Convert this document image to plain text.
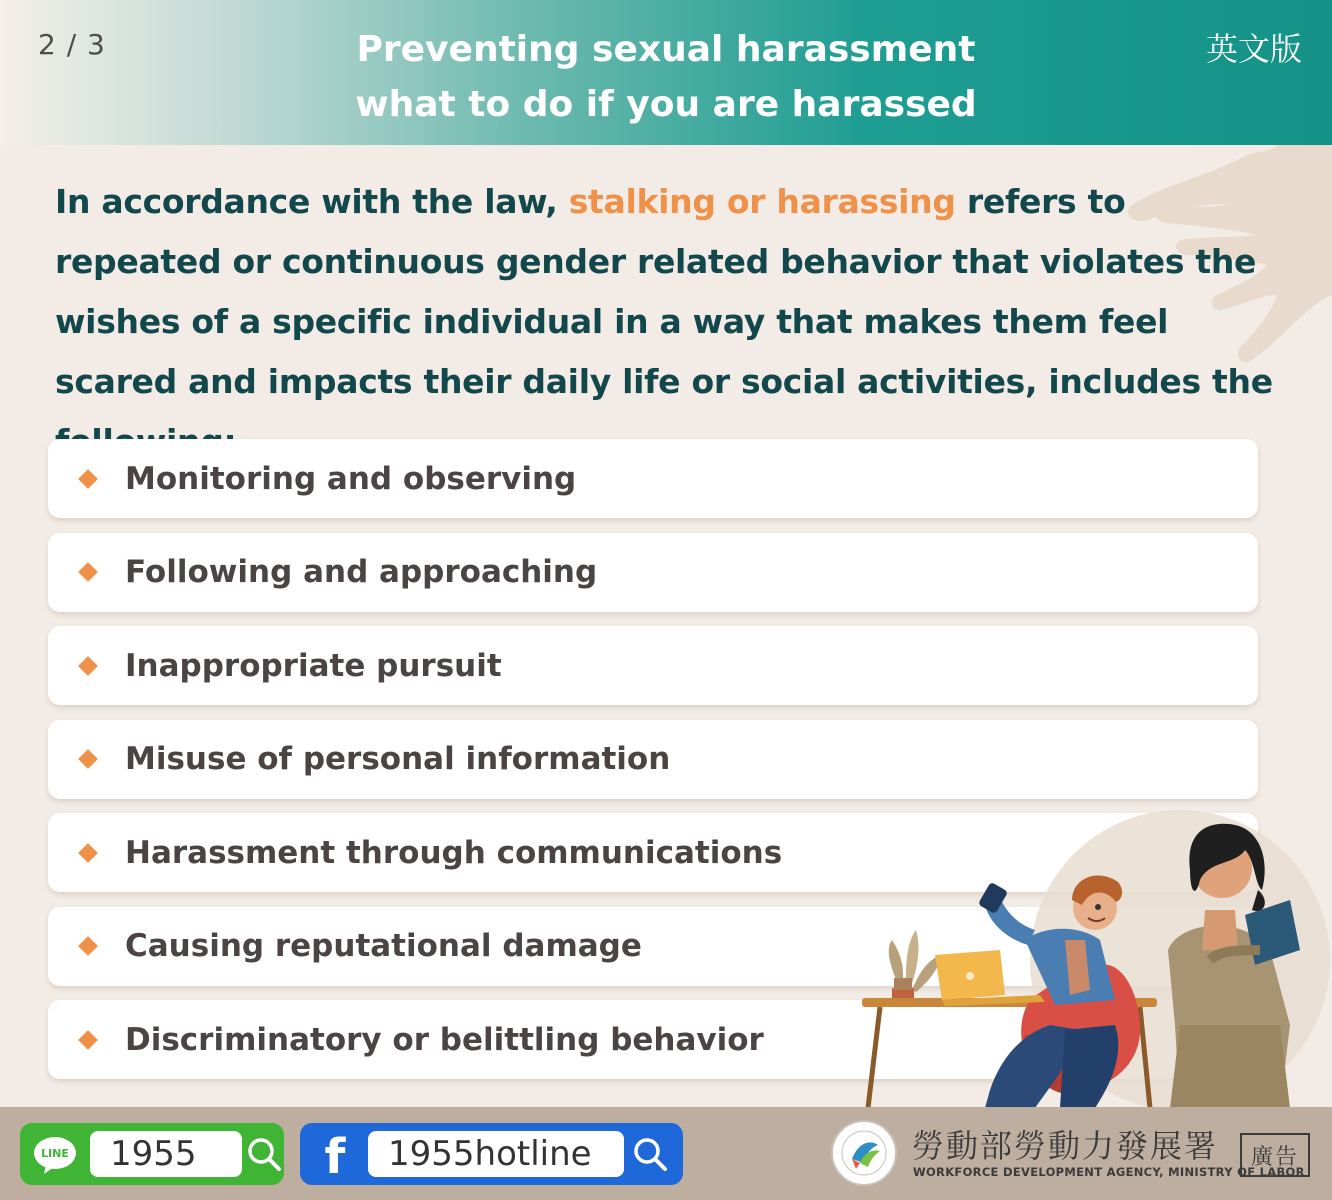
2 / 3	Preventing sexual harassment
what to do if you are harassed
英文版
In accordance with the law, stalking or harassing refers to repeated or continuous gender related behavior that violates the wishes of a specific individual in a way that makes them feel scared and impacts their daily life or social activities, includes the
Monitoring and observing
Following and approaching
Inappropriate pursuit
Misuse of personal information
Harassment through communications
Causing reputational damage
Discriminatory or belittling behavior
LINE	1955	f	1955hotline	勞動部勞動力發展署
WORKFORCE DEVELOPMENT AGENCY, MINISTRY OF LABOR
廣告
